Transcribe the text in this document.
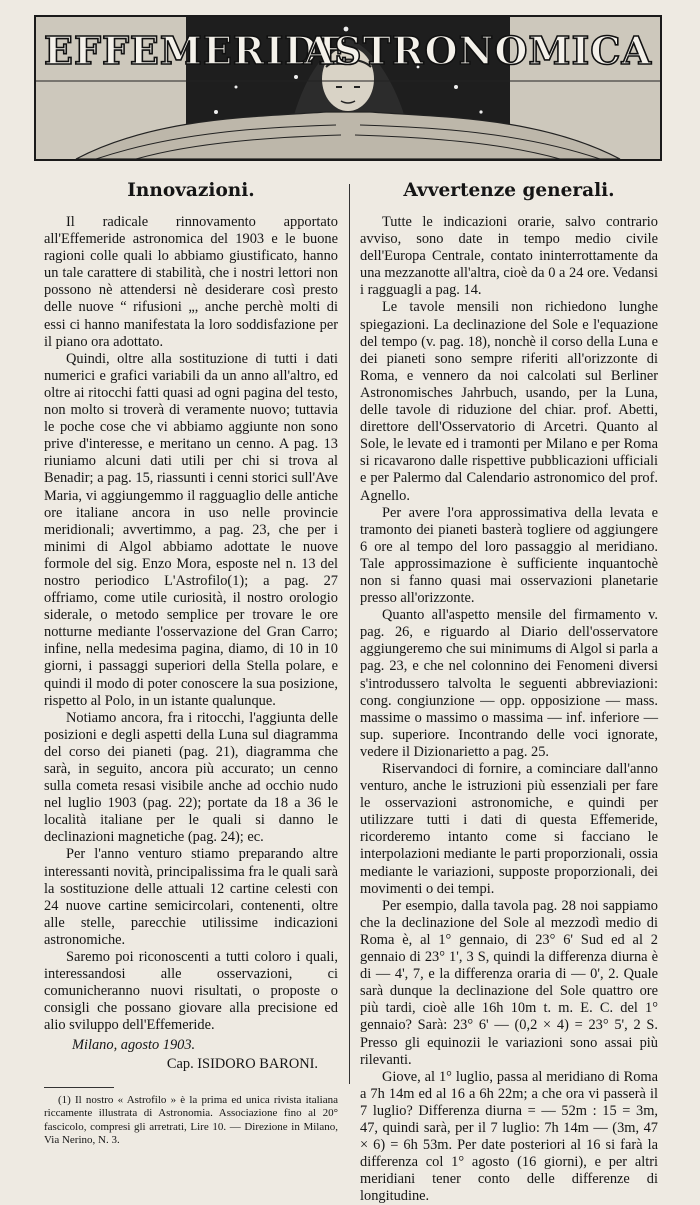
EFFEMERIDE
ASTRONOMICA
Innovazioni.

Il radicale rinnovamento apportato all'Effemeride astronomica del 1903 e le buone ragioni colle quali lo abbiamo giustificato, hanno un tale carattere di stabilità, che i nostri lettori non possono nè attendersi nè desiderare così presto delle nuove “ rifusioni „, anche perchè molti di essi ci hanno manifestata la loro soddisfazione per il piano ora adottato.

Quindi, oltre alla sostituzione di tutti i dati numerici e grafici variabili da un anno all'altro, ed oltre ai ritocchi fatti quasi ad ogni pagina del testo, non molto si troverà di veramente nuovo; tuttavia le poche cose che vi abbiamo aggiunte non sono prive d'interesse, e meritano un cenno. A pag. 13 riuniamo alcuni dati utili per chi si trova al Benadir; a pag. 15, riassunti i cenni storici sull'Ave Maria, vi aggiungemmo il ragguaglio delle antiche ore italiane ancora in uso nelle provincie meridionali; avvertimmo, a pag. 23, che per i minimi di Algol abbiamo adottate le nuove formole del sig. Enzo Mora, esposte nel n. 13 del nostro periodico L'Astrofilo(1); a pag. 27 offriamo, come utile curiosità, il nostro orologio siderale, o metodo semplice per trovare le ore notturne mediante l'osservazione del Gran Carro; infine, nella medesima pagina, diamo, di 10 in 10 giorni, i passaggi superiori della Stella polare, e quindi il modo di poter conoscere la sua posizione, rispetto al Polo, in un istante qualunque.

Notiamo ancora, fra i ritocchi, l'aggiunta delle posizioni e degli aspetti della Luna sul diagramma del corso dei pianeti (pag. 21), diagramma che sarà, in seguito, ancora più accurato; un cenno sulla cometa resasi visibile anche ad occhio nudo nel luglio 1903 (pag. 22); portate da 18 a 36 le località italiane per le quali si danno le declinazioni magnetiche (pag. 24); ec.

Per l'anno venturo stiamo preparando altre interessanti novità, principalissima fra le quali sarà la sostituzione delle attuali 12 cartine celesti con 24 nuove cartine semicircolari, contenenti, oltre alle stelle, parecchie utilissime indicazioni astronomiche.

Saremo poi riconoscenti a tutti coloro i quali, interessandosi alle osservazioni, ci comunicheranno nuovi risultati, o proposte o consigli che possano giovare alla precisione ed alio sviluppo dell'Effemeride.

Milano, agosto 1903.
Cap. ISIDORO BARONI.

(1) Il nostro « Astrofilo » è la prima ed unica rivista italiana riccamente illustrata di Astronomia. Associazione fino al 20° fascicolo, compresi gli arretrati, Lire 10. — Direzione in Milano, Via Nerino, N. 3.

Avvertenze generali.

Tutte le indicazioni orarie, salvo contrario avviso, sono date in tempo medio civile dell'Europa Centrale, contato ininterrottamente da una mezzanotte all'altra, cioè da 0 a 24 ore. Vedansi i ragguagli a pag. 14.

Le tavole mensili non richiedono lunghe spiegazioni. La declinazione del Sole e l'equazione del tempo (v. pag. 18), nonchè il corso della Luna e dei pianeti sono sempre riferiti all'orizzonte di Roma, e vennero da noi calcolati sul Berliner Astronomisches Jahrbuch, usando, per la Luna, delle tavole di riduzione del chiar. prof. Abetti, direttore dell'Osservatorio di Arcetri. Quanto al Sole, le levate ed i tramonti per Milano e per Roma si ricavarono dalle rispettive pubblicazioni ufficiali e per Palermo dal Calendario astronomico del prof. Agnello.

Per avere l'ora approssimativa della levata e tramonto dei pianeti basterà togliere od aggiungere 6 ore al tempo del loro passaggio al meridiano. Tale approssimazione è sufficiente inquantochè non si fanno quasi mai osservazioni planetarie presso all'orizzonte.

Quanto all'aspetto mensile del firmamento v. pag. 26, e riguardo al Diario dell'osservatore aggiungeremo che sui minimums di Algol si parla a pag. 23, e che nel colonnino dei Fenomeni diversi s'introdussero talvolta le seguenti abbreviazioni: cong. congiunzione — opp. opposizione — mass. massime o massimo o massima — inf. inferiore — sup. superiore. Incontrando delle voci ignorate, vedere il Dizionarietto a pag. 25.

Riservandoci di fornire, a cominciare dall'anno venturo, anche le istruzioni più essenziali per fare le osservazioni astronomiche, e quindi per utilizzare tutti i dati di questa Effemeride, ricorderemo intanto come si facciano le interpolazioni mediante le parti proporzionali, ossia mediante le variazioni, supposte proporzionali, dei movimenti o dei tempi.

Per esempio, dalla tavola pag. 28 noi sappiamo che la declinazione del Sole al mezzodì medio di Roma è, al 1° gennaio, di 23° 6' Sud ed al 2 gennaio di 23° 1', 3 S, quindi la differenza diurna è di — 4', 7, e la differenza oraria di — 0', 2. Quale sarà dunque la declinazione del Sole quattro ore più tardi, cioè alle 16h 10m t. m. E. C. del 1° gennaio? Sarà: 23° 6' — (0,2 × 4) = 23° 5', 2 S. Presso gli equinozii le variazioni sono assai più rilevanti.

Giove, al 1° luglio, passa al meridiano di Roma a 7h 14m ed al 16 a 6h 22m; a che ora vi passerà il 7 luglio? Differenza diurna = — 52m : 15 = 3m, 47, quindi sarà, per il 7 luglio: 7h 14m — (3m, 47 × 6) = 6h 53m. Per date posteriori al 16 si farà la differenza col 1° agosto (16 giorni), e per altri meridiani tener conto delle differenze di longitudine.
